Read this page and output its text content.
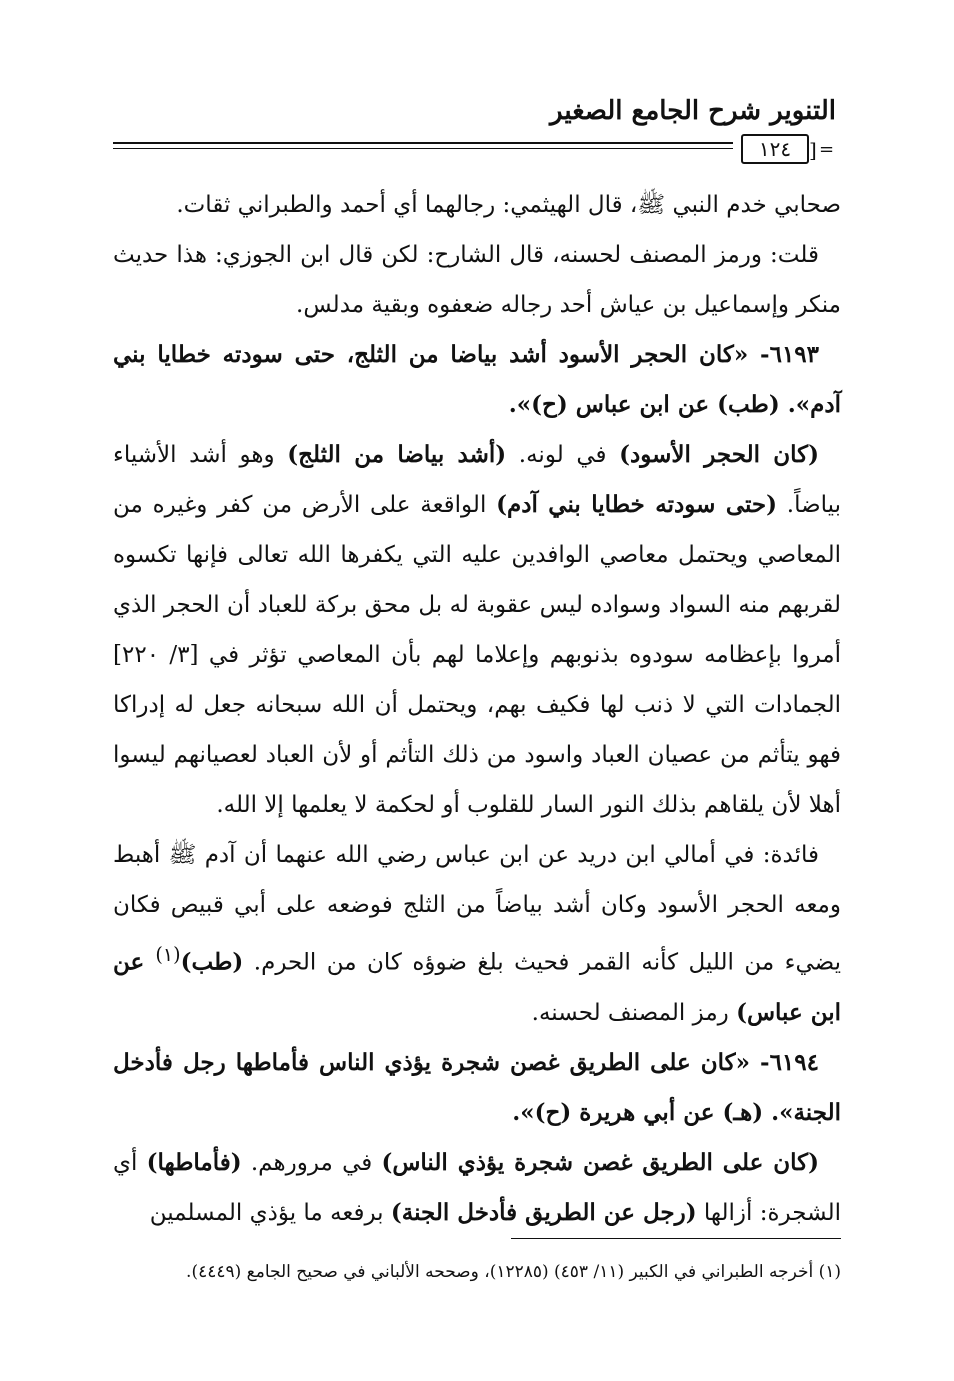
التنوير شرح الجامع الصغير
١٢٤ ] =

صحابي خدم النبي ﷺ، قال الهيثمي: رجالهما أي أحمد والطبراني ثقات.

قلت: ورمز المصنف لحسنه، قال الشارح: لكن قال ابن الجوزي: هذا حديث منكر وإسماعيل بن عياش أحد رجاله ضعفوه وبقية مدلس.

٦١٩٣- «كان الحجر الأسود أشد بياضا من الثلج، حتى سودته خطايا بني آدم». (طب) عن ابن عباس (ح)».

(كان الحجر الأسود) في لونه. (أشد بياضا من الثلج) وهو أشد الأشياء بياضاً. (حتى سودته خطايا بني آدم) الواقعة على الأرض من كفر وغيره من المعاصي ويحتمل معاصي الوافدين عليه التي يكفرها الله تعالى فإنها تكسوه لقربهم منه السواد وسواده ليس عقوبة له بل محق بركة للعباد أن الحجر الذي أمروا بإعظامه سودوه بذنوبهم وإعلاما لهم بأن المعاصي تؤثر في [٣/ ٢٢٠] الجمادات التي لا ذنب لها فكيف بهم، ويحتمل أن الله سبحانه جعل له إدراكا فهو يتأثم من عصيان العباد واسود من ذلك التأثم أو لأن العباد لعصيانهم ليسوا أهلا لأن يلقاهم بذلك النور السار للقلوب أو لحكمة لا يعلمها إلا الله.

فائدة: في أمالي ابن دريد عن ابن عباس رضي الله عنهما أن آدم ﷺ أهبط ومعه الحجر الأسود وكان أشد بياضاً من الثلج فوضعه على أبي قبيص فكان يضيء من الليل كأنه القمر فحيث بلغ ضوؤه كان من الحرم. (طب)$^{(١)}$ عن ابن عباس) رمز المصنف لحسنه.

٦١٩٤- «كان على الطريق غصن شجرة يؤذي الناس فأماطها رجل فأدخل الجنة». (هـ) عن أبي هريرة (ح)».

(كان على الطريق غصن شجرة يؤذي الناس) في مرورهم. (فأماطها) أي الشجرة: أزالها (رجل عن الطريق فأدخل الجنة) برفعه ما يؤذي المسلمين

(١) أخرجه الطبراني في الكبير (١١/ ٤٥٣) (١٢٢٨٥)، وصححه الألباني في صحيح الجامع (٤٤٤٩).
